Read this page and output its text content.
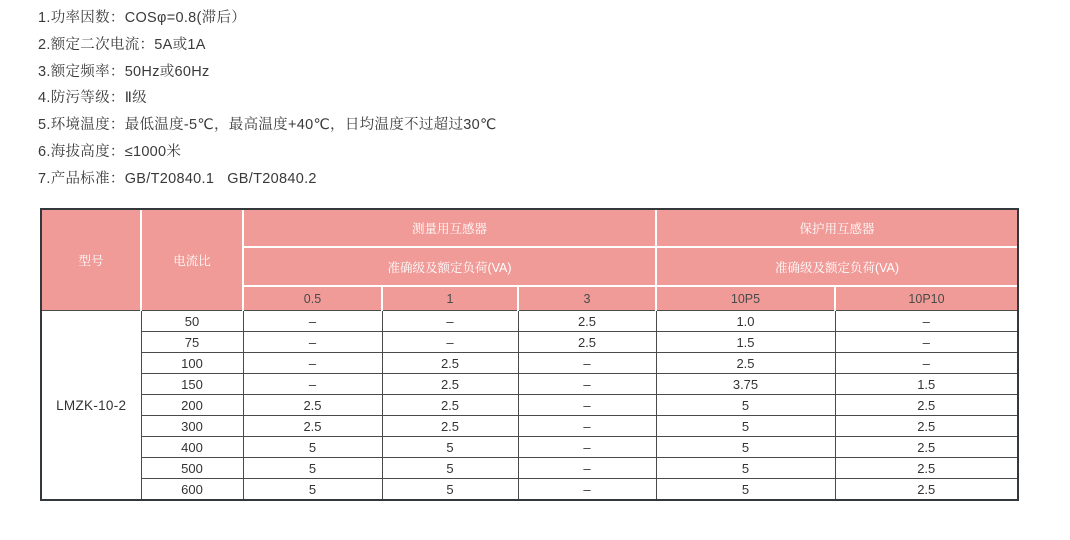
1.功率因数：COSφ=0.8(滞后）
2.额定二次电流：5A或1A
3.额定频率：50Hz或60Hz
4.防污等级：Ⅱ级
5.环境温度：最低温度-5℃，最高温度+40℃，日均温度不过超过30℃
6.海拔高度：≤1000米
7.产品标准：GB/T20840.1   GB/T20840.2
型号	电流比	测量用互感器			保护用互感器	
		准确级及额定负荷(VA)			准确级及额定负荷(VA)	
		0.5	1	3	10P5	10P10
LMZK-10-2	50	–	–	2.5	1.0	–
	75	–	–	2.5	1.5	–
	100	–	2.5	–	2.5	–
	150	–	2.5	–	3.75	1.5
	200	2.5	2.5	–	5	2.5
	300	2.5	2.5	–	5	2.5
	400	5	5	–	5	2.5
	500	5	5	–	5	2.5
	600	5	5	–	5	2.5
